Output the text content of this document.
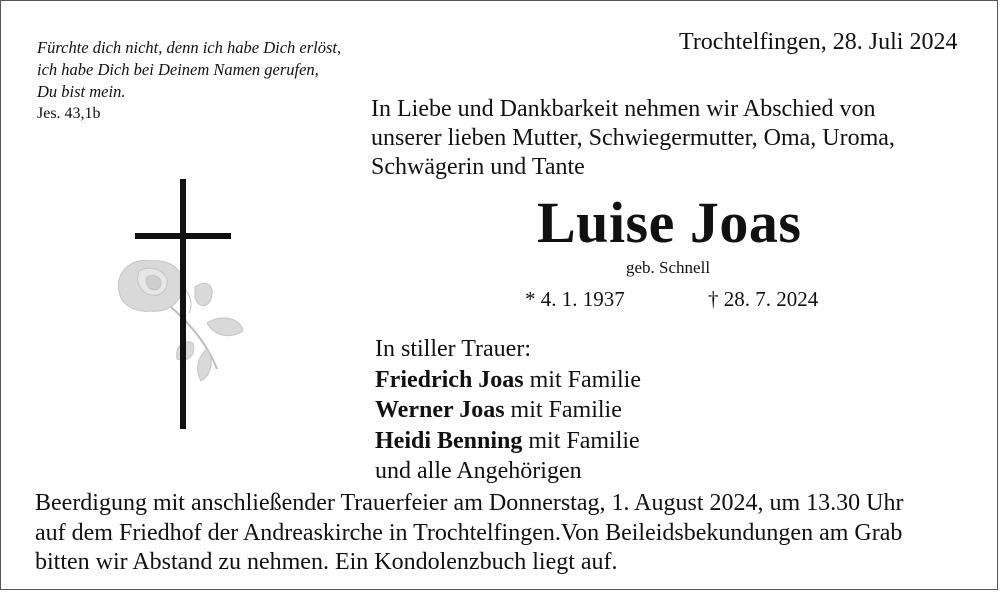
Fürchte dich nicht, denn ich habe Dich erlöst,
ich habe Dich bei Deinem Namen gerufen,
Du bist mein.
Jes. 43,1b
Trochtelfingen, 28. Juli 2024
In Liebe und Dankbarkeit nehmen wir Abschied von
unserer lieben Mutter, Schwiegermutter, Oma, Uroma,
Schwägerin und Tante
Luise Joas
geb. Schnell
* 4. 1. 1937	† 28. 7. 2024
In stiller Trauer:
Friedrich Joas mit Familie
Werner Joas mit Familie
Heidi Benning mit Familie
und alle Angehörigen
Beerdigung mit anschließender Trauerfeier am Donnerstag, 1. August 2024, um 13.30 Uhr
auf dem Friedhof der Andreaskirche in Trochtelfingen.Von Beileidsbekundungen am Grab
bitten wir Abstand zu nehmen. Ein Kondolenzbuch liegt auf.
